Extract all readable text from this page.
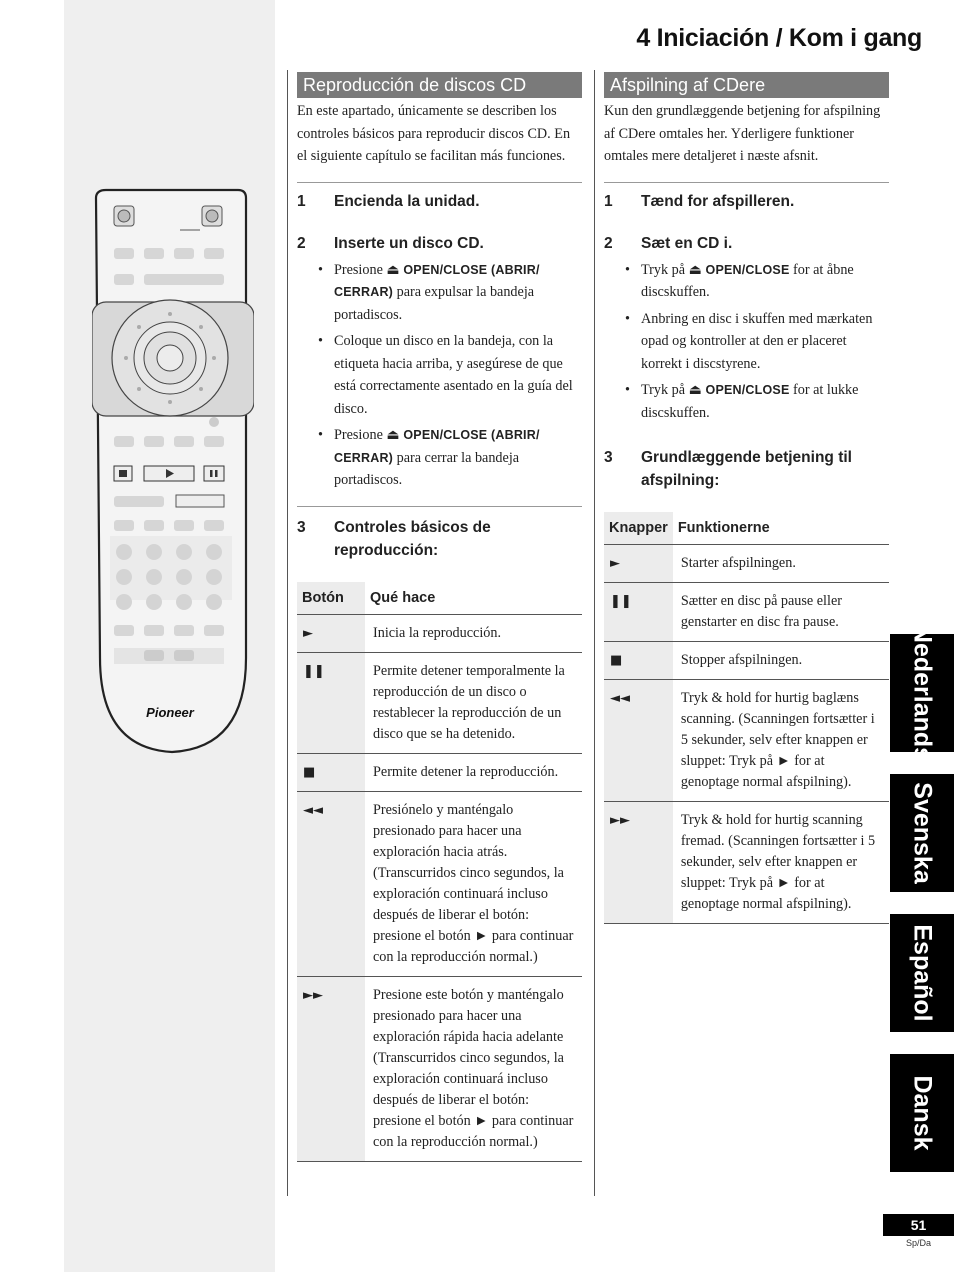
Pioneer
4 Iniciación / Kom i gang
Reproducción de discos CD
En este apartado, únicamente se describen los controles básicos para reproducir discos CD. En el siguiente capítulo se facilitan más funciones.
1	Encienda la unidad.
2	Inserte un disco CD.
• Presione ⏏ OPEN/CLOSE (ABRIR/ CERRAR) para expulsar la bandeja portadiscos.
• Coloque un disco en la bandeja, con la etiqueta hacia arriba, y asegúrese de que está correctamente asentado en la guía del disco.
• Presione ⏏ OPEN/CLOSE (ABRIR/ CERRAR) para cerrar la bandeja portadiscos.
3	Controles básicos de reproducción:
Botón	Qué hace
►	Inicia la reproducción.
❚❚	Permite detener temporalmente la reproducción de un disco o restablecer la reproducción de un disco que se ha detenido.
■	Permite detener la reproducción.
◄◄	Presiónelo y manténgalo presionado para hacer una exploración hacia atrás. (Transcurridos cinco segundos, la exploración continuará incluso después de liberar el botón: presione el botón ► para continuar con la reproducción normal.)
►►	Presione este botón y manténgalo presionado para hacer una exploración rápida hacia adelante (Transcurridos cinco segundos, la exploración continuará incluso después de liberar el botón: presione el botón ► para continuar con la reproducción normal.)
Afspilning af CDere
Kun den grundlæggende betjening for afspilning af CDere omtales her. Yderligere funktioner omtales mere detaljeret i næste afsnit.
1	Tænd for afspilleren.
2	Sæt en CD i.
• Tryk på ⏏ OPEN/CLOSE for at åbne discskuffen.
• Anbring en disc i skuffen med mærkaten opad og kontroller at den er placeret korrekt i discstyrene.
• Tryk på ⏏ OPEN/CLOSE for at lukke discskuffen.
3	Grundlæggende betjening til afspilning:
Knapper	Funktionerne
►	Starter afspilningen.
❚❚	Sætter en disc på pause eller genstarter en disc fra pause.
■	Stopper afspilningen.
◄◄	Tryk & hold for hurtig baglæns scanning. (Scanningen fortsætter i 5 sekunder, selv efter knappen er sluppet: Tryk på ► for at genoptage normal afspilning).
►►	Tryk & hold for hurtig scanning fremad. (Scanningen fortsætter i 5 sekunder, selv efter knappen er sluppet: Tryk på ► for at genoptage normal afspilning).
Nederlands
Svenska
Español
Dansk
51
Sp/Da
